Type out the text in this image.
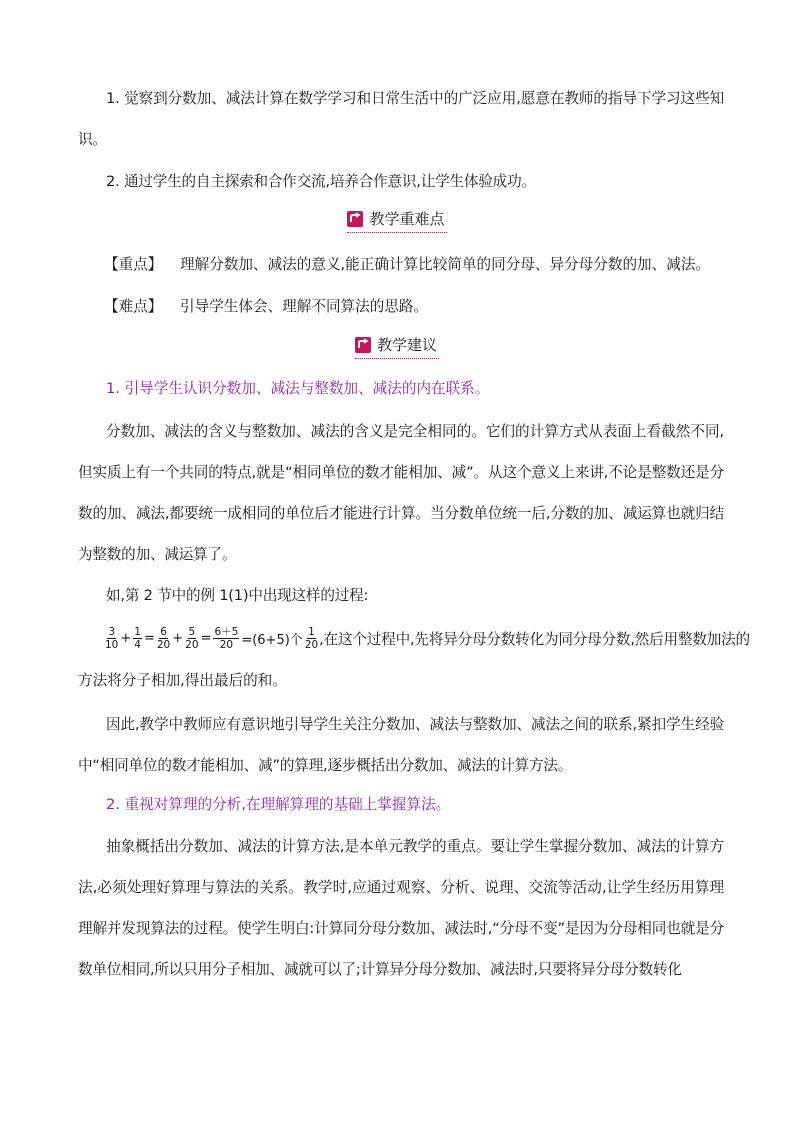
1. 觉察到分数加、减法计算在数学学习和日常生活中的广泛应用,愿意在教师的指导下学习这些知识。

2. 通过学生的自主探索和合作交流,培养合作意识,让学生体验成功。

教学重难点
【重点】 理解分数加、减法的意义,能正确计算比较简单的同分母、异分母分数的加、减法。
【难点】 引导学生体会、理解不同算法的思路。
教学建议
1. 引导学生认识分数加、减法与整数加、减法的内在联系。

分数加、减法的含义与整数加、减法的含义是完全相同的。它们的计算方式从表面上看截然不同,但实质上有一个共同的特点,就是“相同单位的数才能相加、减”。从这个意义上来讲,不论是整数还是分数的加、减法,都要统一成相同的单位后才能进行计算。当分数单位统一后,分数的加、减运算也就归结为整数的加、减运算了。

如,第 2 节中的例 1(1)中出现这样的过程:

$\frac{3}{10} + \frac{1}{4} = \frac{6}{20} + \frac{5}{20} = \frac{6+5}{20} =(6+5)$个 $\frac{1}{20}$ ,在这个过程中,先将异分母分数转化为同分母分数,然后用整数加法的
方法将分子相加,得出最后的和。

因此,教学中教师应有意识地引导学生关注分数加、减法与整数加、减法之间的联系,紧扣学生经验中“相同单位的数才能相加、减”的算理,逐步概括出分数加、减法的计算方法。

2. 重视对算理的分析,在理解算理的基础上掌握算法。

抽象概括出分数加、减法的计算方法,是本单元教学的重点。要让学生掌握分数加、减法的计算方法,必须处理好算理与算法的关系。教学时,应通过观察、分析、说理、交流等活动,让学生经历用算理理解并发现算法的过程。使学生明白:计算同分母分数加、减法时,“分母不变”是因为分母相同也就是分数单位相同,所以只用分子相加、减就可以了;计算异分母分数加、减法时,只要将异分母分数转化
